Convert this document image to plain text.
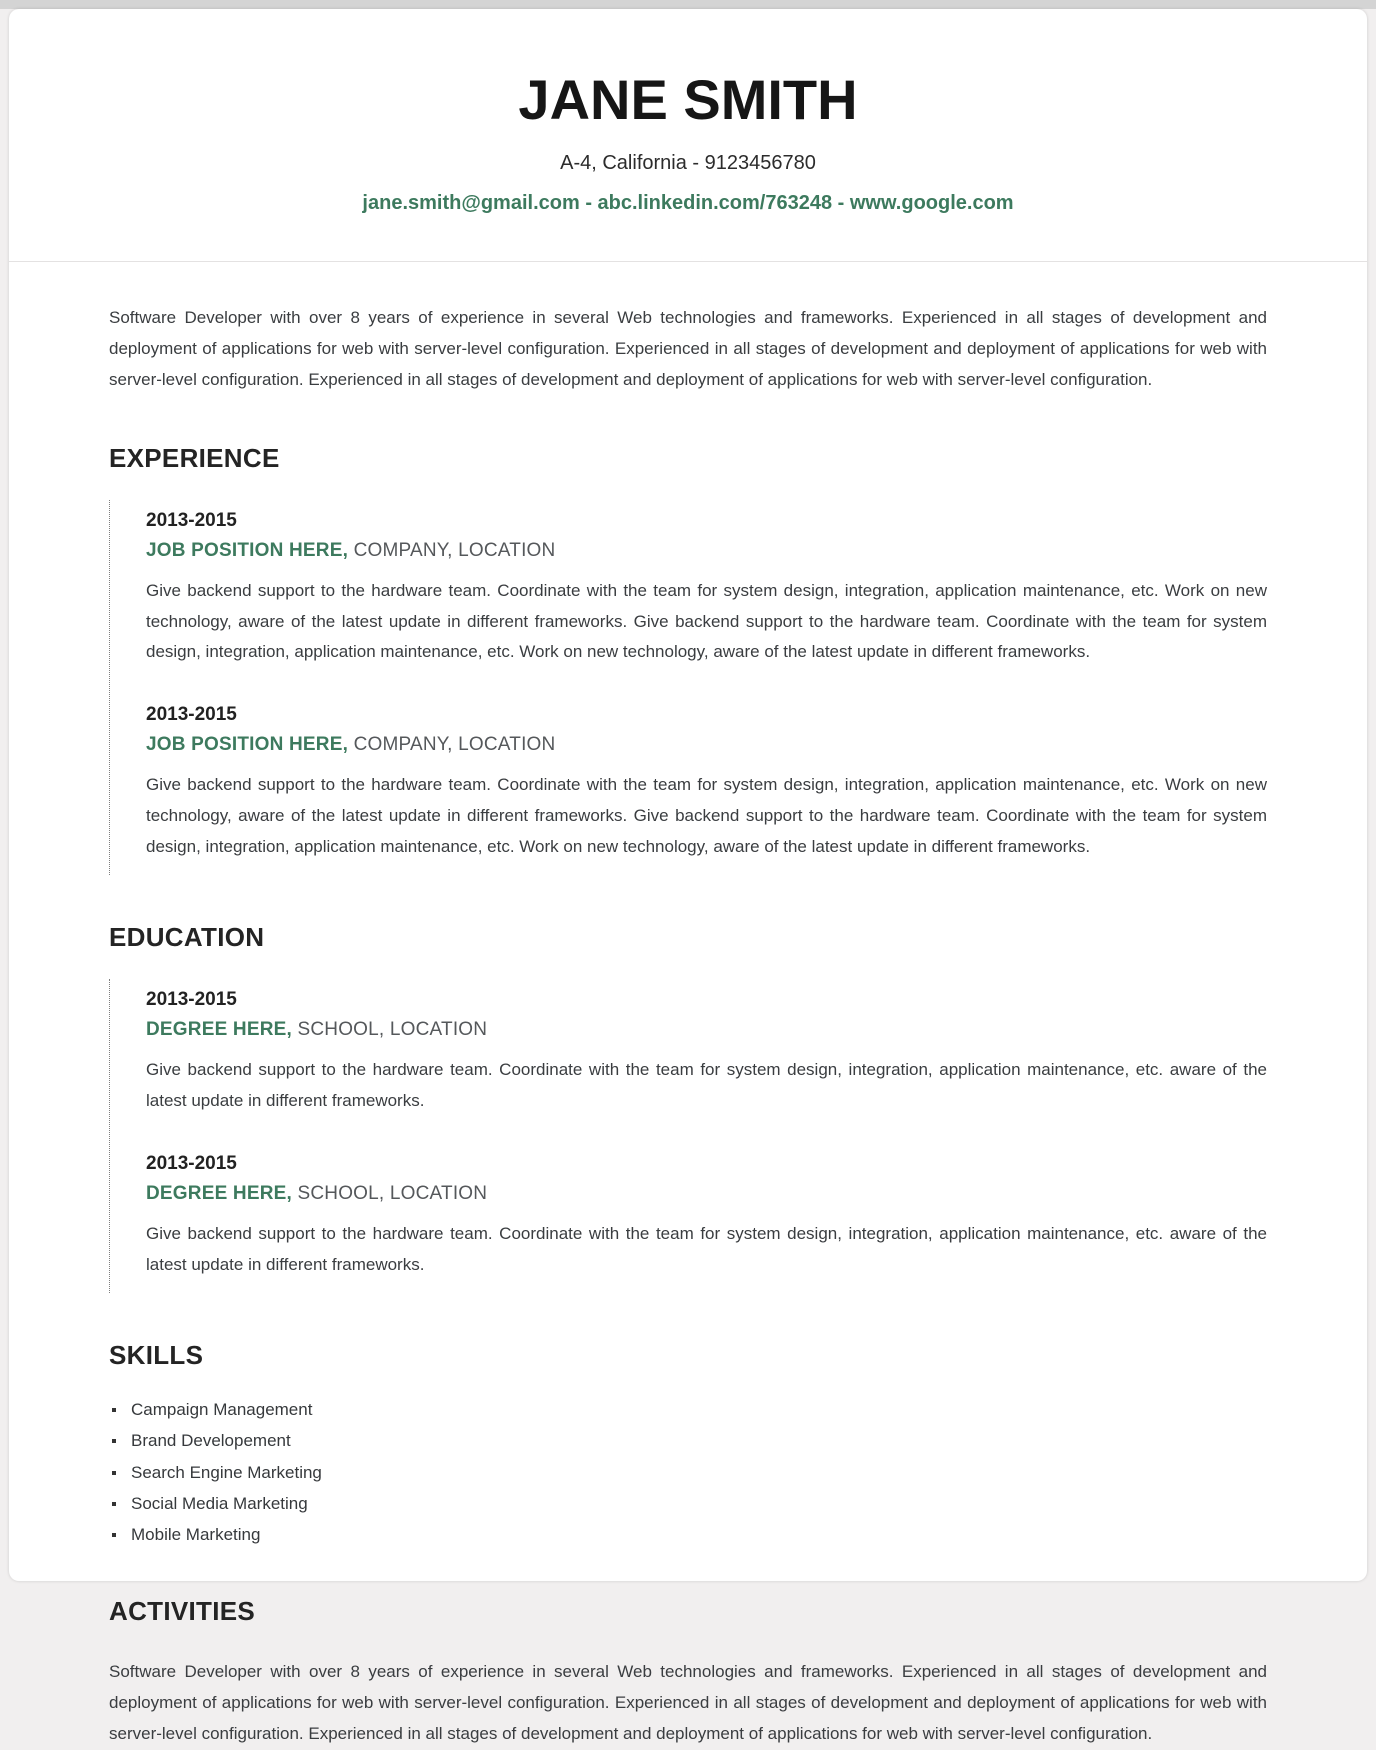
JANE SMITH
A-4, California - 9123456780
jane.smith@gmail.com - abc.linkedin.com/763248 - www.google.com

Software Developer with over 8 years of experience in several Web technologies and frameworks. Experienced in all stages of development and deployment of applications for web with server-level configuration. Experienced in all stages of development and deployment of applications for web with server-level configuration. Experienced in all stages of development and deployment of applications for web with server-level configuration.

EXPERIENCE
2013-2015
JOB POSITION HERE, COMPANY, LOCATION

Give backend support to the hardware team. Coordinate with the team for system design, integration, application maintenance, etc. Work on new technology, aware of the latest update in different frameworks. Give backend support to the hardware team. Coordinate with the team for system design, integration, application maintenance, etc. Work on new technology, aware of the latest update in different frameworks.

2013-2015
JOB POSITION HERE, COMPANY, LOCATION

Give backend support to the hardware team. Coordinate with the team for system design, integration, application maintenance, etc. Work on new technology, aware of the latest update in different frameworks. Give backend support to the hardware team. Coordinate with the team for system design, integration, application maintenance, etc. Work on new technology, aware of the latest update in different frameworks.

EDUCATION
2013-2015
DEGREE HERE, SCHOOL, LOCATION

Give backend support to the hardware team. Coordinate with the team for system design, integration, application maintenance, etc. aware of the latest update in different frameworks.

2013-2015
DEGREE HERE, SCHOOL, LOCATION

Give backend support to the hardware team. Coordinate with the team for system design, integration, application maintenance, etc. aware of the latest update in different frameworks.

SKILLS
Campaign Management
Brand Developement
Search Engine Marketing
Social Media Marketing
Mobile Marketing
ACTIVITIES

Software Developer with over 8 years of experience in several Web technologies and frameworks. Experienced in all stages of development and deployment of applications for web with server-level configuration. Experienced in all stages of development and deployment of applications for web with server-level configuration. Experienced in all stages of development and deployment of applications for web with server-level configuration.
